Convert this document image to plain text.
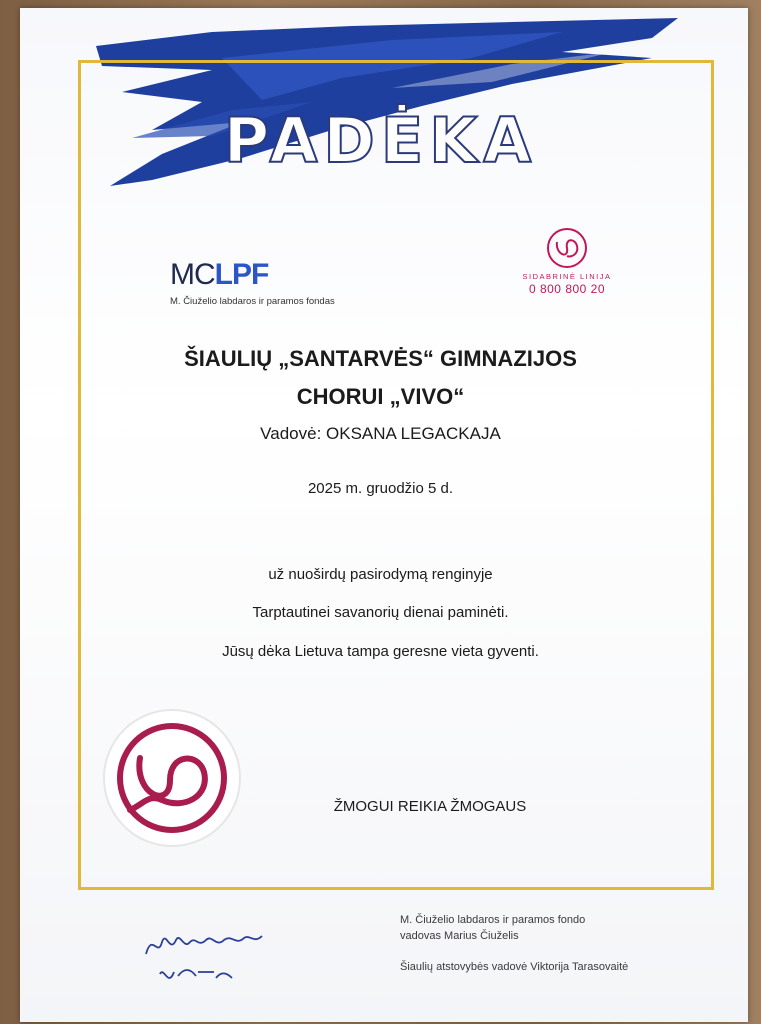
PADĖKA
MCLPF
M. Čiuželio labdaros ir paramos fondas
SIDABRINĖ LINIJA
0 800 800 20
ŠIAULIŲ „SANTARVĖS“ GIMNAZIJOS
CHORUI „VIVO“
Vadovė: OKSANA LEGACKAJA
2025 m. gruodžio 5 d.
už nuoširdų pasirodymą renginyje
Tarptautinei savanorių dienai paminėti.
Jūsų dėka Lietuva tampa geresne vieta gyventi.
ŽMOGUI REIKIA ŽMOGAUS
M. Čiuželio labdaros ir paramos fondo
vadovas Marius Čiuželis
Šiaulių atstovybės vadovė Viktorija Tarasovaitė
